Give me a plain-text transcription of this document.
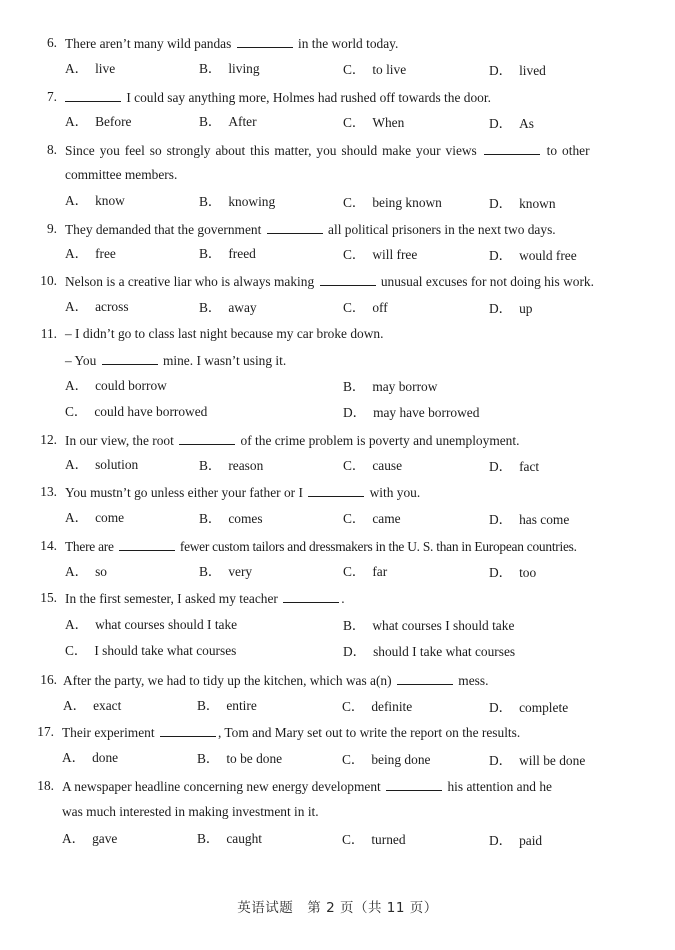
6. There aren’t many wild pandas	in the world today.
A． live	B． living	C． to live	D． lived
7.	I could say anything more, Holmes had rushed off towards the door.
A． Before	B． After	C． When	D． As
8. Since you feel so strongly about this matter, you should make your views	to other
committee members.
A． know	B． knowing	C． being known	D． known
9. They demanded that the government	all political prisoners in the next two days.
A． free	B． freed	C． will free	D． would free
10. Nelson is a creative liar who is always making	unusual excuses for not doing his work.
A． across	B． away	C． off	D． up
11. – I didn’t go to class last night because my car broke down.
– You	mine. I wasn’t using it.
A． could borrow	B． may borrow
C． could have borrowed	D． may have borrowed
12. In our view, the root	of the crime problem is poverty and unemployment.
A． solution	B． reason	C． cause	D． fact
13. You mustn’t go unless either your father or I	with you.
A． come	B． comes	C． came	D． has come
14. There are	fewer custom tailors and dressmakers in the U. S. than in European countries.
A． so	B． very	C． far	D． too
15. In the first semester, I asked my teacher	.
A． what courses should I take	B． what courses I should take
C． I should take what courses	D． should I take what courses
16. After the party, we had to tidy up the kitchen, which was a(n)	mess.
A． exact	B． entire	C． definite	D． complete
17. Their experiment	, Tom and Mary set out to write the report on the results.
A． done	B． to be done	C． being done	D． will be done
18. A newspaper headline concerning new energy development	his attention and he
was much interested in making investment in it.
A． gave	B． caught	C． turned	D． paid
英语试题　第 2 页（共 11 页）
